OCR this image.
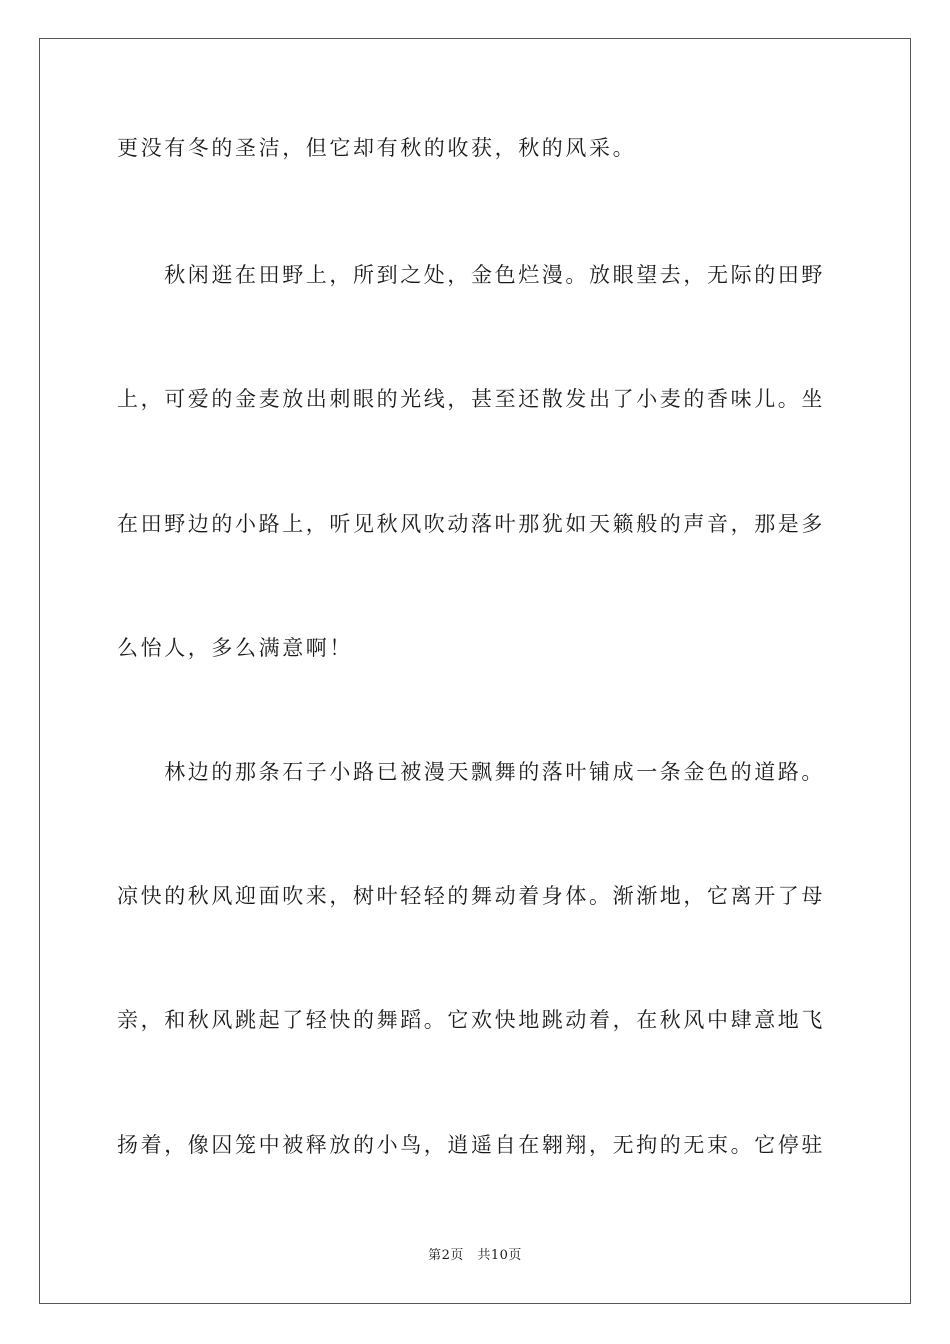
更没有冬的圣洁，但它却有秋的收获，秋的风采。
　　秋闲逛在田野上，所到之处，金色烂漫。放眼望去，无际的田野
上，可爱的金麦放出刺眼的光线，甚至还散发出了小麦的香味儿。坐
在田野边的小路上，听见秋风吹动落叶那犹如天籁般的声音，那是多
么怡人，多么满意啊！
　　林边的那条石子小路已被漫天飘舞的落叶铺成一条金色的道路。
凉快的秋风迎面吹来，树叶轻轻的舞动着身体。渐渐地，它离开了母
亲，和秋风跳起了轻快的舞蹈。它欢快地跳动着，在秋风中肆意地飞
扬着，像囚笼中被释放的小鸟，逍遥自在翱翔，无拘的无束。它停驻
第2页　共10页
